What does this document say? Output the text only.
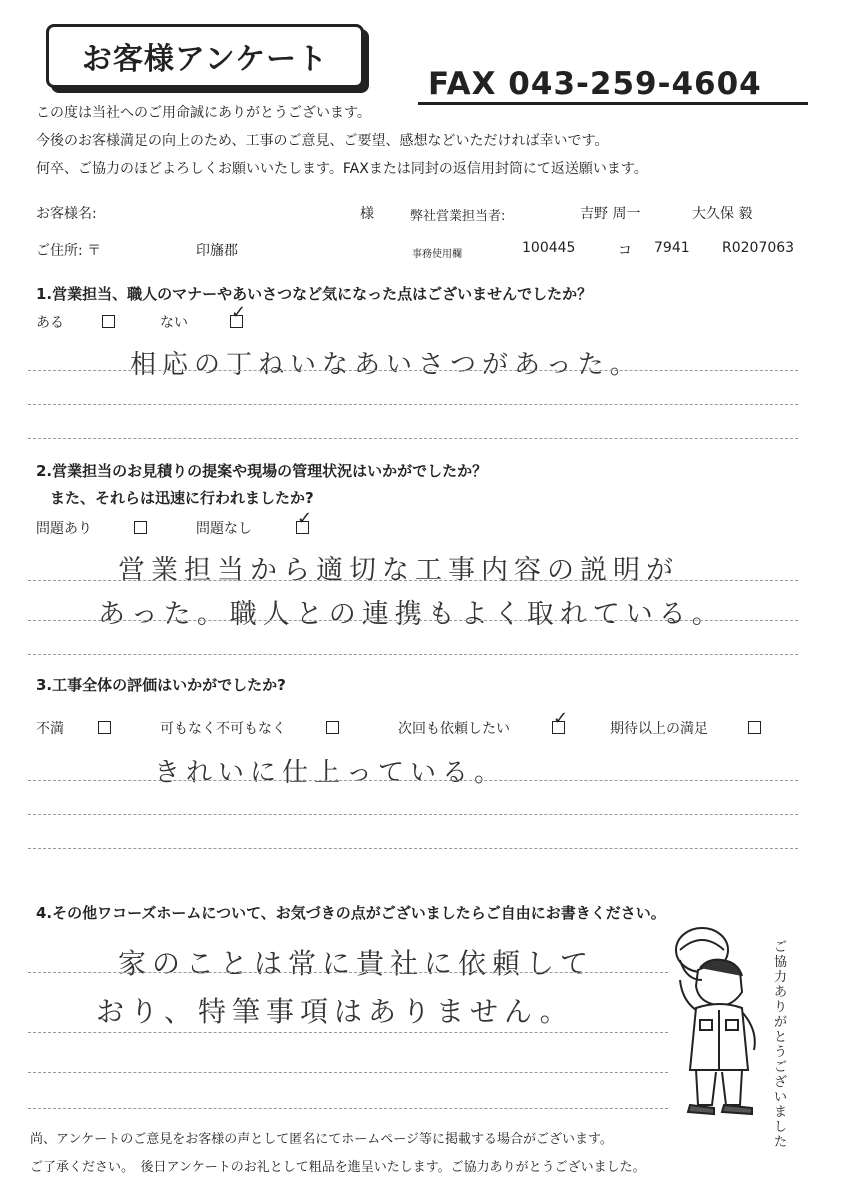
お客様アンケート
FAX 043-259-4604
この度は当社へのご用命誠にありがとうございます。
今後のお客様満足の向上のため、工事のご意見、ご要望、感想などいただければ幸いです。
何卒、ご協力のほどよろしくお願いいたします。FAXまたは同封の返信用封筒にて返送願います。
お客様名:	様	弊社営業担当者:	吉野 周一	大久保 毅
ご住所: 〒	印旛郡	事務使用欄	100445	コ 7941 R0207063
1.営業担当、職人のマナーやあいさつなど気になった点はございませんでしたか？
ある	ない ✓
相応の丁ねいなあいさつがあった。
2.営業担当のお見積りの提案や現場の管理状況はいかがでしたか？
また、それらは迅速に行われましたか?
問題あり	問題なし	✓
営業担当から適切な工事内容の説明が
あった。職人との連携もよく取れている。
3.工事全体の評価はいかがでしたか?
不満	可もなく不可もなく	次回も依頼したい ✓	期待以上の満足
きれいに仕上っている。
4.その他ワコーズホームについて、お気づきの点がございましたらご自由にお書きください。
家のことは常に貴社に依頼して
おり、特筆事項はありません。
ご協力ありがとうございました
尚、アンケートのご意見をお客様の声として匿名にてホームページ等に掲載する場合がございます。
ご了承ください。　後日アンケートのお礼として粗品を進呈いたします。ご協力ありがとうございました。
